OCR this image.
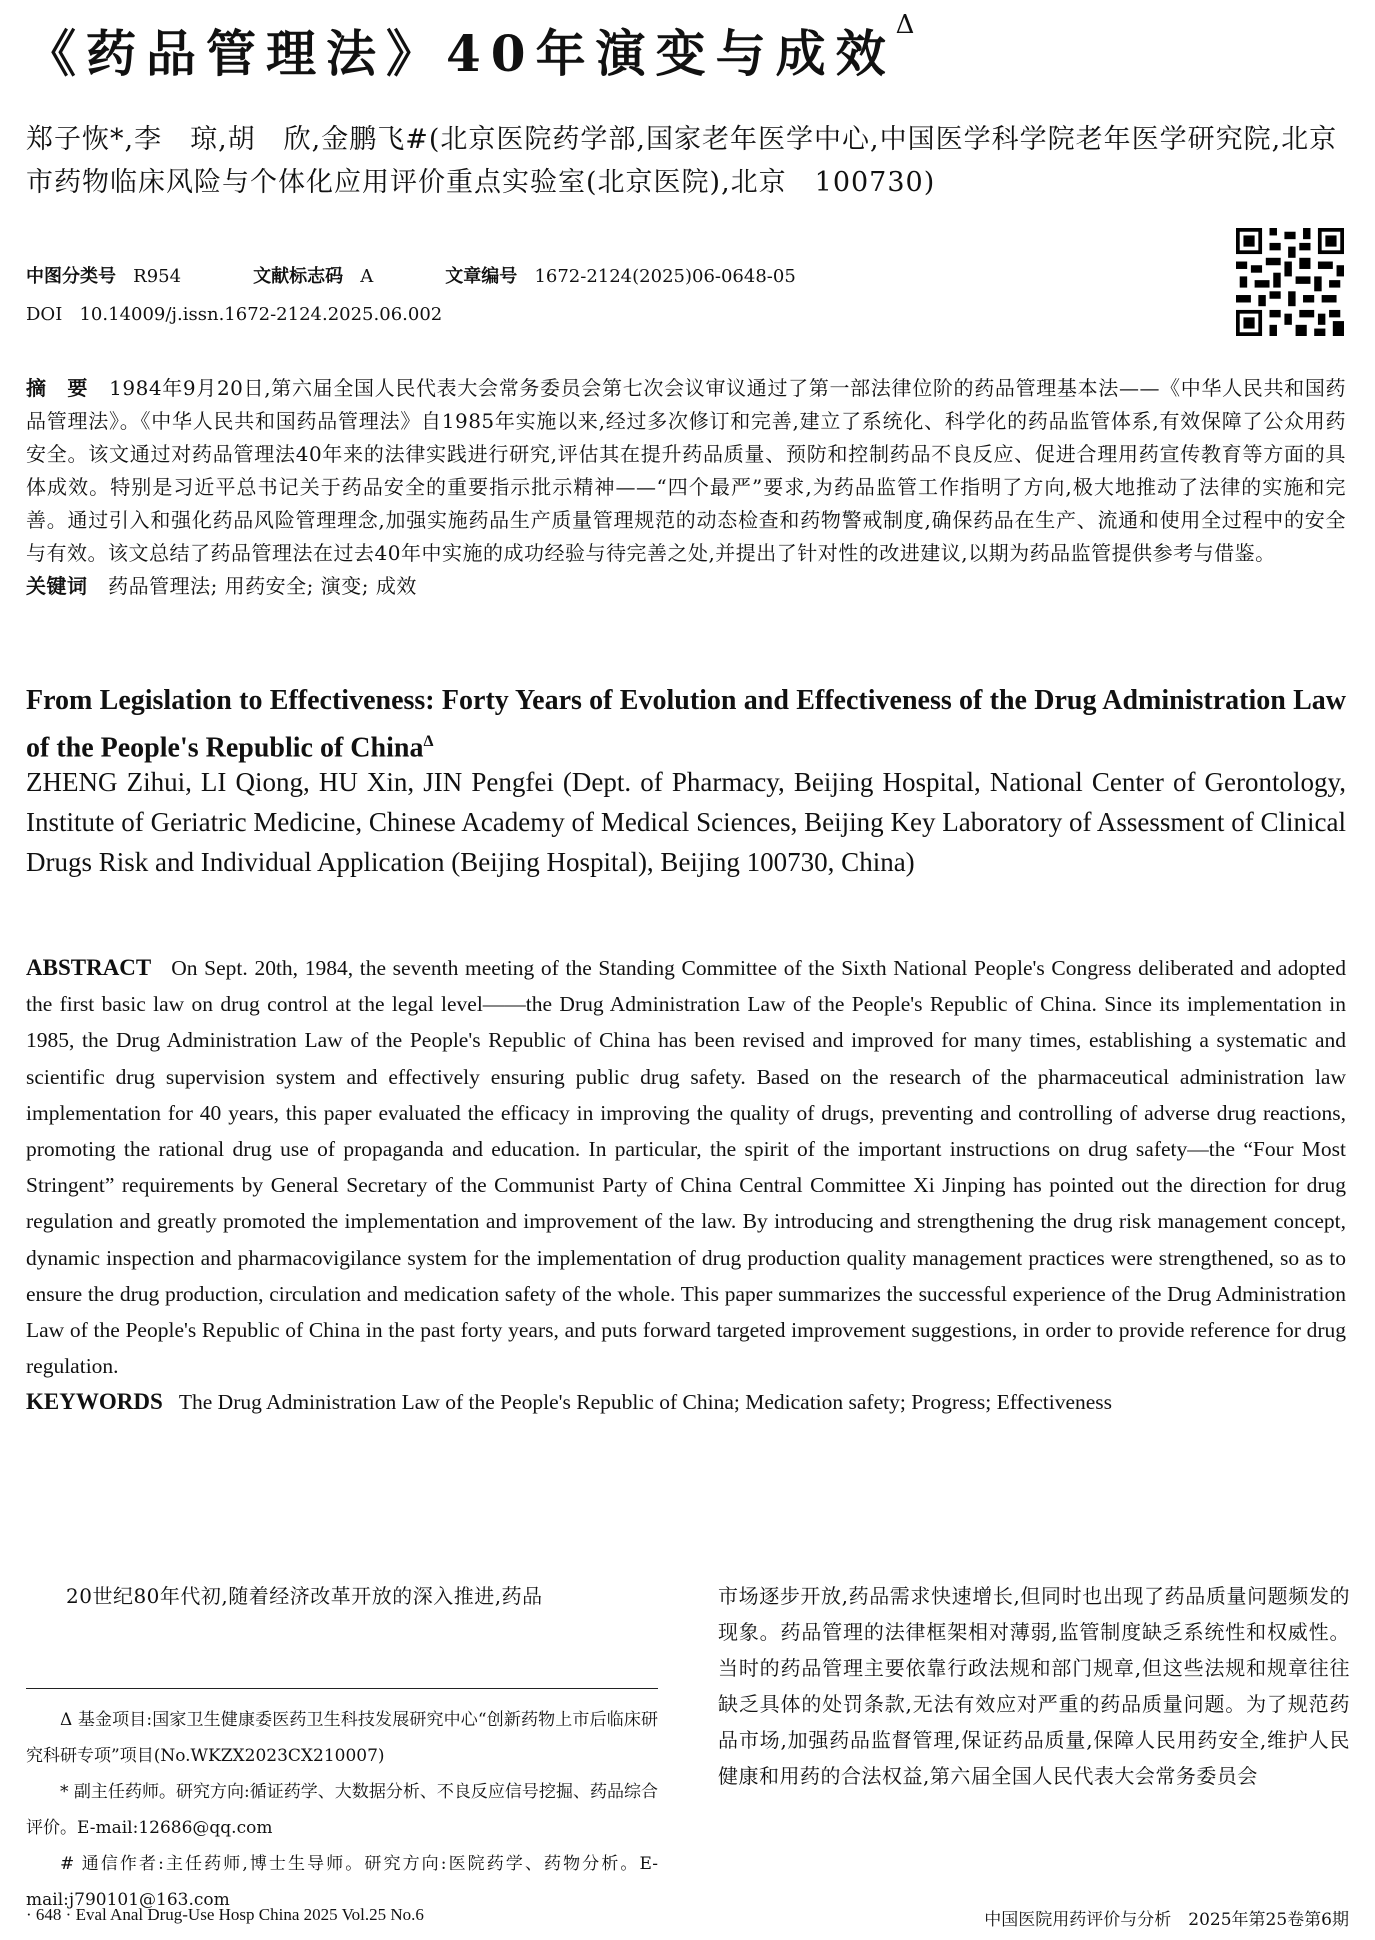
《药品管理法》40年演变与成效$^\Delta$
郑子恢*,李　琼,胡　欣,金鹏飞#(北京医院药学部,国家老年医学中心,中国医学科学院老年医学研究院,北京市药物临床风险与个体化应用评价重点实验室(北京医院),北京　100730)
中图分类号 R954	文献标志码 A	文章编号 1672-2124(2025)06-0648-05
DOI 10.14009/j.issn.1672-2124.2025.06.002
摘　要 1984年9月20日,第六届全国人民代表大会常务委员会第七次会议审议通过了第一部法律位阶的药品管理基本法——《中华人民共和国药品管理法》。《中华人民共和国药品管理法》自1985年实施以来,经过多次修订和完善,建立了系统化、科学化的药品监管体系,有效保障了公众用药安全。该文通过对药品管理法40年来的法律实践进行研究,评估其在提升药品质量、预防和控制药品不良反应、促进合理用药宣传教育等方面的具体成效。特别是习近平总书记关于药品安全的重要指示批示精神——“四个最严”要求,为药品监管工作指明了方向,极大地推动了法律的实施和完善。通过引入和强化药品风险管理理念,加强实施药品生产质量管理规范的动态检查和药物警戒制度,确保药品在生产、流通和使用全过程中的安全与有效。该文总结了药品管理法在过去40年中实施的成功经验与待完善之处,并提出了针对性的改进建议,以期为药品监管提供参考与借鉴。
关键词 药品管理法; 用药安全; 演变; 成效
From Legislation to Effectiveness: Forty Years of Evolution and Effectiveness of the Drug Administration Law of the People's Republic of China$^\Delta$
ZHENG Zihui, LI Qiong, HU Xin, JIN Pengfei (Dept. of Pharmacy, Beijing Hospital, National Center of Gerontology, Institute of Geriatric Medicine, Chinese Academy of Medical Sciences, Beijing Key Laboratory of Assessment of Clinical Drugs Risk and Individual Application (Beijing Hospital), Beijing 100730, China)
ABSTRACT On Sept. 20th, 1984, the seventh meeting of the Standing Committee of the Sixth National People's Congress deliberated and adopted the first basic law on drug control at the legal level——the Drug Administration Law of the People's Republic of China. Since its implementation in 1985, the Drug Administration Law of the People's Republic of China has been revised and improved for many times, establishing a systematic and scientific drug supervision system and effectively ensuring public drug safety. Based on the research of the pharmaceutical administration law implementation for 40 years, this paper evaluated the efficacy in improving the quality of drugs, preventing and controlling of adverse drug reactions, promoting the rational drug use of propaganda and education. In particular, the spirit of the important instructions on drug safety—the “Four Most Stringent” requirements by General Secretary of the Communist Party of China Central Committee Xi Jinping has pointed out the direction for drug regulation and greatly promoted the implementation and improvement of the law. By introducing and strengthening the drug risk management concept, dynamic inspection and pharmacovigilance system for the implementation of drug production quality management practices were strengthened, so as to ensure the drug production, circulation and medication safety of the whole. This paper summarizes the successful experience of the Drug Administration Law of the People's Republic of China in the past forty years, and puts forward targeted improvement suggestions, in order to provide reference for drug regulation.
KEYWORDS The Drug Administration Law of the People's Republic of China; Medication safety; Progress; Effectiveness
20世纪80年代初,随着经济改革开放的深入推进,药品
Δ 基金项目:国家卫生健康委医药卫生科技发展研究中心“创新药物上市后临床研究科研专项”项目(No.WKZX2023CX210007)
* 副主任药师。研究方向:循证药学、大数据分析、不良反应信号挖掘、药品综合评价。E-mail:12686@qq.com
# 通信作者:主任药师,博士生导师。研究方向:医院药学、药物分析。E-mail:j790101@163.com
市场逐步开放,药品需求快速增长,但同时也出现了药品质量问题频发的现象。药品管理的法律框架相对薄弱,监管制度缺乏系统性和权威性。当时的药品管理主要依靠行政法规和部门规章,但这些法规和规章往往缺乏具体的处罚条款,无法有效应对严重的药品质量问题。为了规范药品市场,加强药品监督管理,保证药品质量,保障人民用药安全,维护人民健康和用药的合法权益,第六届全国人民代表大会常务委员会
· 648 · Eval Anal Drug-Use Hosp China 2025 Vol.25 No.6	中国医院用药评价与分析　2025年第25卷第6期
